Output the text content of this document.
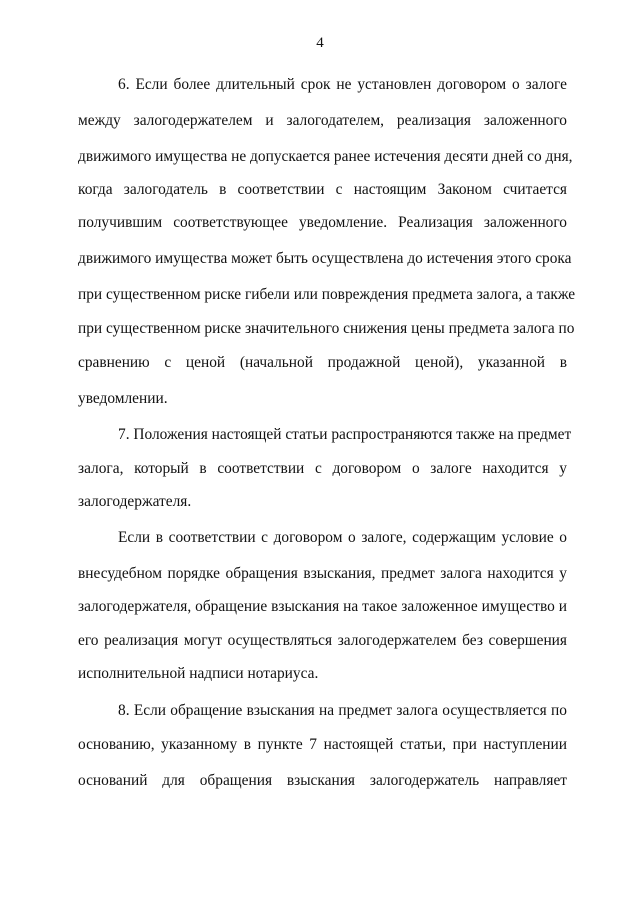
4
6. Если более длительный срок не установлен договором о залоге
между залогодержателем и залогодателем, реализация заложенного
движимого имущества не допускается ранее истечения десяти дней со дня,
когда залогодатель в соответствии с настоящим Законом считается
получившим соответствующее уведомление. Реализация заложенного
движимого имущества может быть осуществлена до истечения этого срока
при существенном риске гибели или повреждения предмета залога, а также
при существенном риске значительного снижения цены предмета залога по
сравнению с ценой (начальной продажной ценой), указанной в
уведомлении.
7. Положения настоящей статьи распространяются также на предмет
залога, который в соответствии с договором о залоге находится у
залогодержателя.
Если в соответствии с договором о залоге, содержащим условие о
внесудебном порядке обращения взыскания, предмет залога находится у
залогодержателя, обращение взыскания на такое заложенное имущество и
его реализация могут осуществляться залогодержателем без совершения
исполнительной надписи нотариуса.
8. Если обращение взыскания на предмет залога осуществляется по
основанию, указанному в пункте 7 настоящей статьи, при наступлении
оснований для обращения взыскания залогодержатель направляет
